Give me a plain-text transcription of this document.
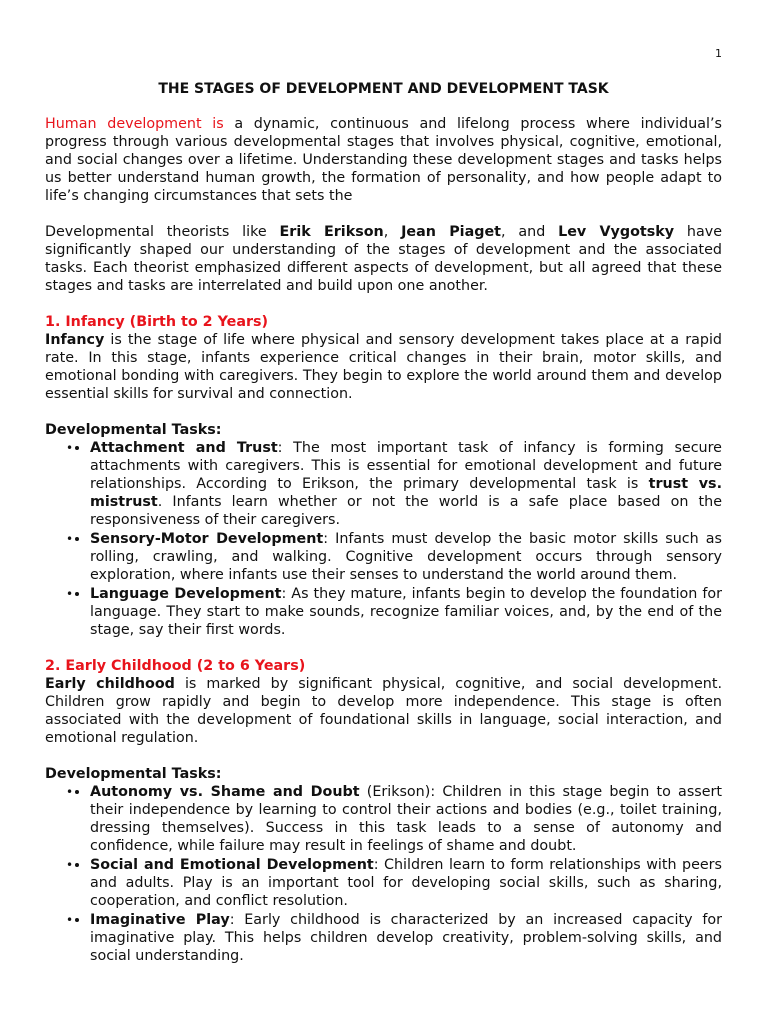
1
THE STAGES OF DEVELOPMENT AND DEVELOPMENT TASK

Human development is a dynamic, continuous and lifelong process where individual’s progress through various developmental stages that involves physical, cognitive, emotional, and social changes over a lifetime. Understanding these development stages and tasks helps us better understand human growth, the formation of personality, and how people adapt to life’s changing circumstances that sets the

Developmental theorists like Erik Erikson, Jean Piaget, and Lev Vygotsky have significantly shaped our understanding of the stages of development and the associated tasks. Each theorist emphasized different aspects of development, but all agreed that these stages and tasks are interrelated and build upon one another.

1. Infancy (Birth to 2 Years)
Infancy is the stage of life where physical and sensory development takes place at a rapid rate. In this stage, infants experience critical changes in their brain, motor skills, and emotional bonding with caregivers. They begin to explore the world around them and develop essential skills for survival and connection.
Developmental Tasks:
• • Attachment and Trust: The most important task of infancy is forming secure attachments with caregivers. This is essential for emotional development and future relationships. According to Erikson, the primary developmental task is trust vs. mistrust. Infants learn whether or not the world is a safe place based on the responsiveness of their caregivers.
• • Sensory-Motor Development: Infants must develop the basic motor skills such as rolling, crawling, and walking. Cognitive development occurs through sensory exploration, where infants use their senses to understand the world around them.
• • Language Development: As they mature, infants begin to develop the foundation for language. They start to make sounds, recognize familiar voices, and, by the end of the stage, say their first words.
2. Early Childhood (2 to 6 Years)
Early childhood is marked by significant physical, cognitive, and social development. Children grow rapidly and begin to develop more independence. This stage is often associated with the development of foundational skills in language, social interaction, and emotional regulation.
Developmental Tasks:
• • Autonomy vs. Shame and Doubt (Erikson): Children in this stage begin to assert their independence by learning to control their actions and bodies (e.g., toilet training, dressing themselves). Success in this task leads to a sense of autonomy and confidence, while failure may result in feelings of shame and doubt.
• • Social and Emotional Development: Children learn to form relationships with peers and adults. Play is an important tool for developing social skills, such as sharing, cooperation, and conflict resolution.
• • Imaginative Play: Early childhood is characterized by an increased capacity for imaginative play. This helps children develop creativity, problem-solving skills, and social understanding.
